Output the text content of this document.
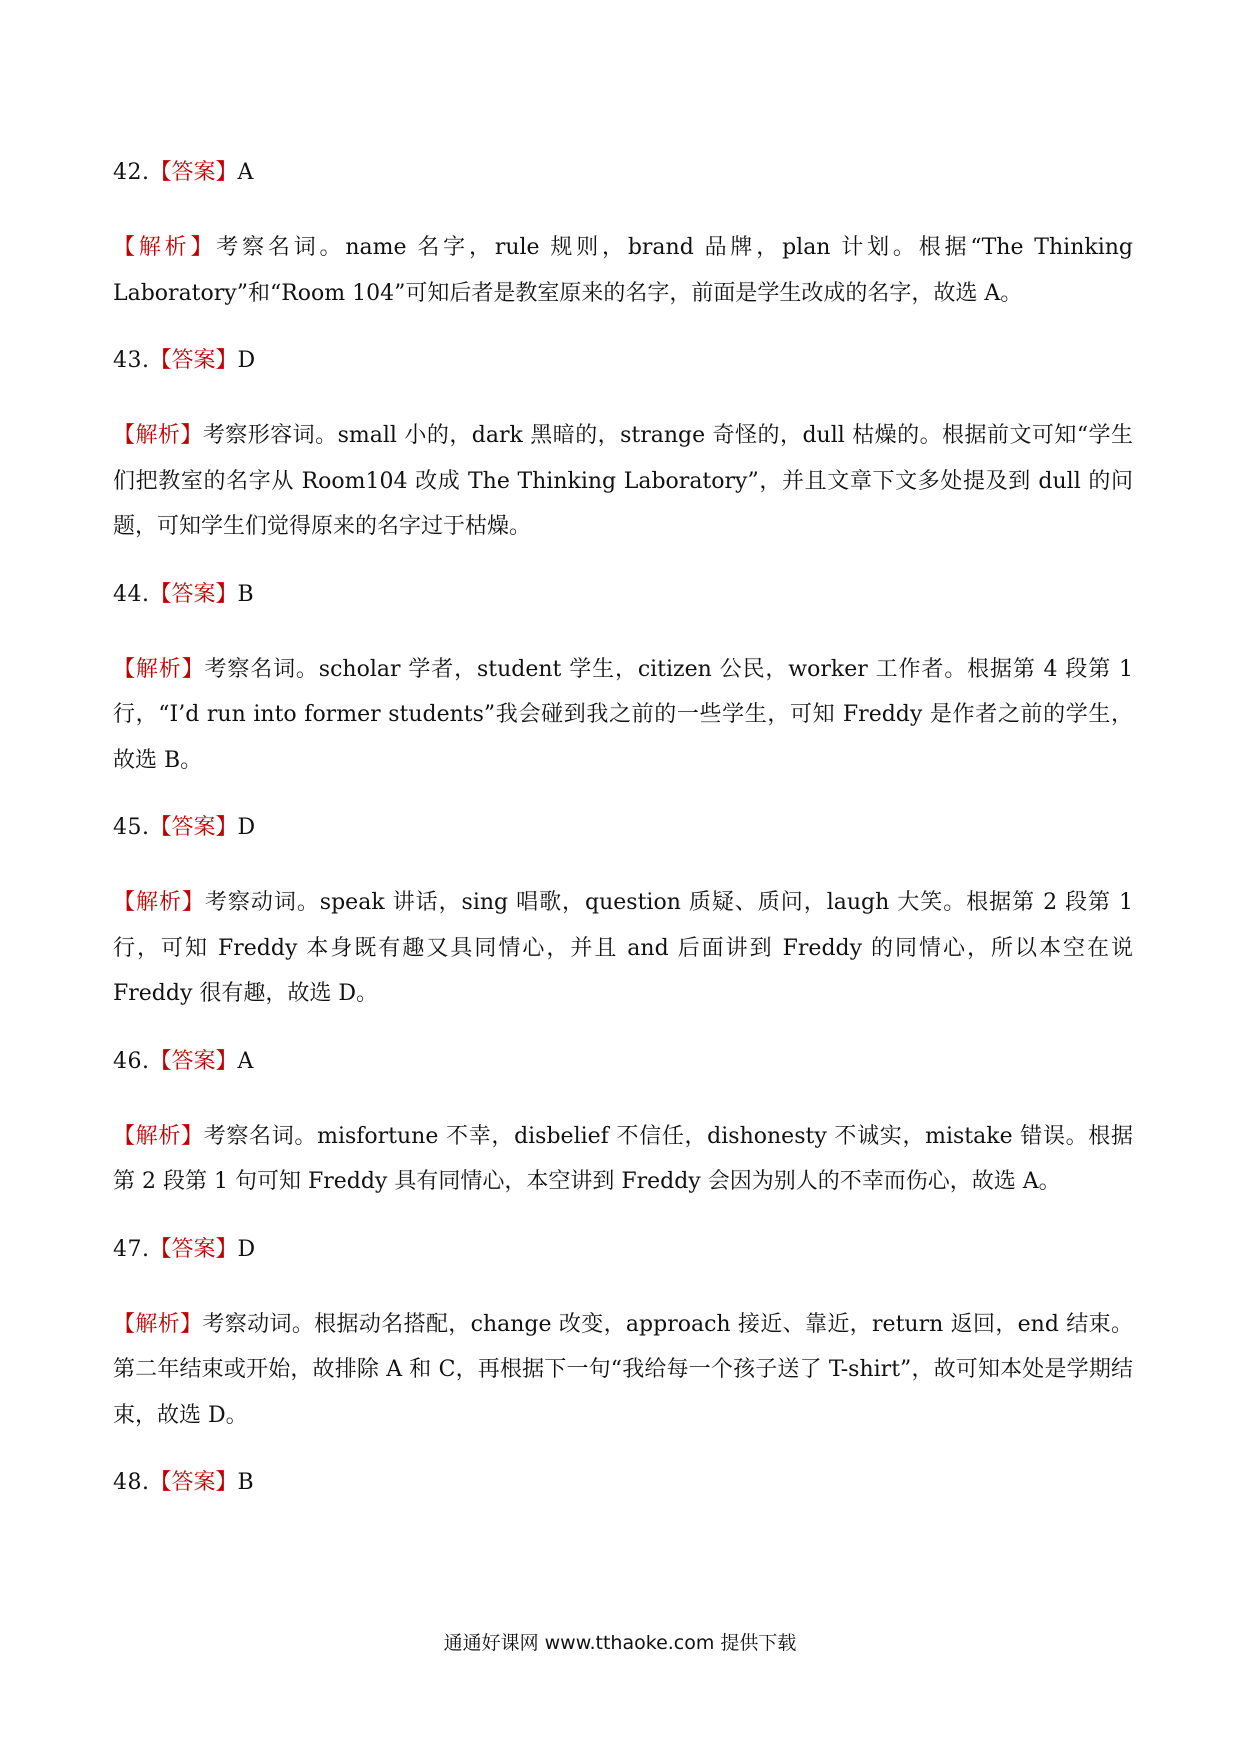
42.【答案】A
【解析】考察名词。name 名字，rule 规则，brand 品牌，plan 计划。根据“The Thinking Laboratory”和“Room 104”可知后者是教室原来的名字，前面是学生改成的名字，故选 A。
43.【答案】D
【解析】考察形容词。small 小的，dark 黑暗的，strange 奇怪的，dull 枯燥的。根据前文可知“学生们把教室的名字从 Room104 改成 The Thinking Laboratory”，并且文章下文多处提及到 dull 的问题，可知学生们觉得原来的名字过于枯燥。
44.【答案】B
【解析】考察名词。scholar 学者，student 学生，citizen 公民，worker 工作者。根据第 4 段第 1 行，“I’d run into former students”我会碰到我之前的一些学生，可知 Freddy 是作者之前的学生，故选 B。
45.【答案】D
【解析】考察动词。speak 讲话，sing 唱歌，question 质疑、质问，laugh 大笑。根据第 2 段第 1 行，可知 Freddy 本身既有趣又具同情心，并且 and 后面讲到 Freddy 的同情心，所以本空在说 Freddy 很有趣，故选 D。
46.【答案】A
【解析】考察名词。misfortune 不幸，disbelief 不信任，dishonesty 不诚实，mistake 错误。根据第 2 段第 1 句可知 Freddy 具有同情心，本空讲到 Freddy 会因为别人的不幸而伤心，故选 A。
47.【答案】D
【解析】考察动词。根据动名搭配，change 改变，approach 接近、靠近，return 返回，end 结束。第二年结束或开始，故排除 A 和 C，再根据下一句“我给每一个孩子送了 T-shirt”，故可知本处是学期结束，故选 D。
48.【答案】B
通通好课网 www.tthaoke.com 提供下载
